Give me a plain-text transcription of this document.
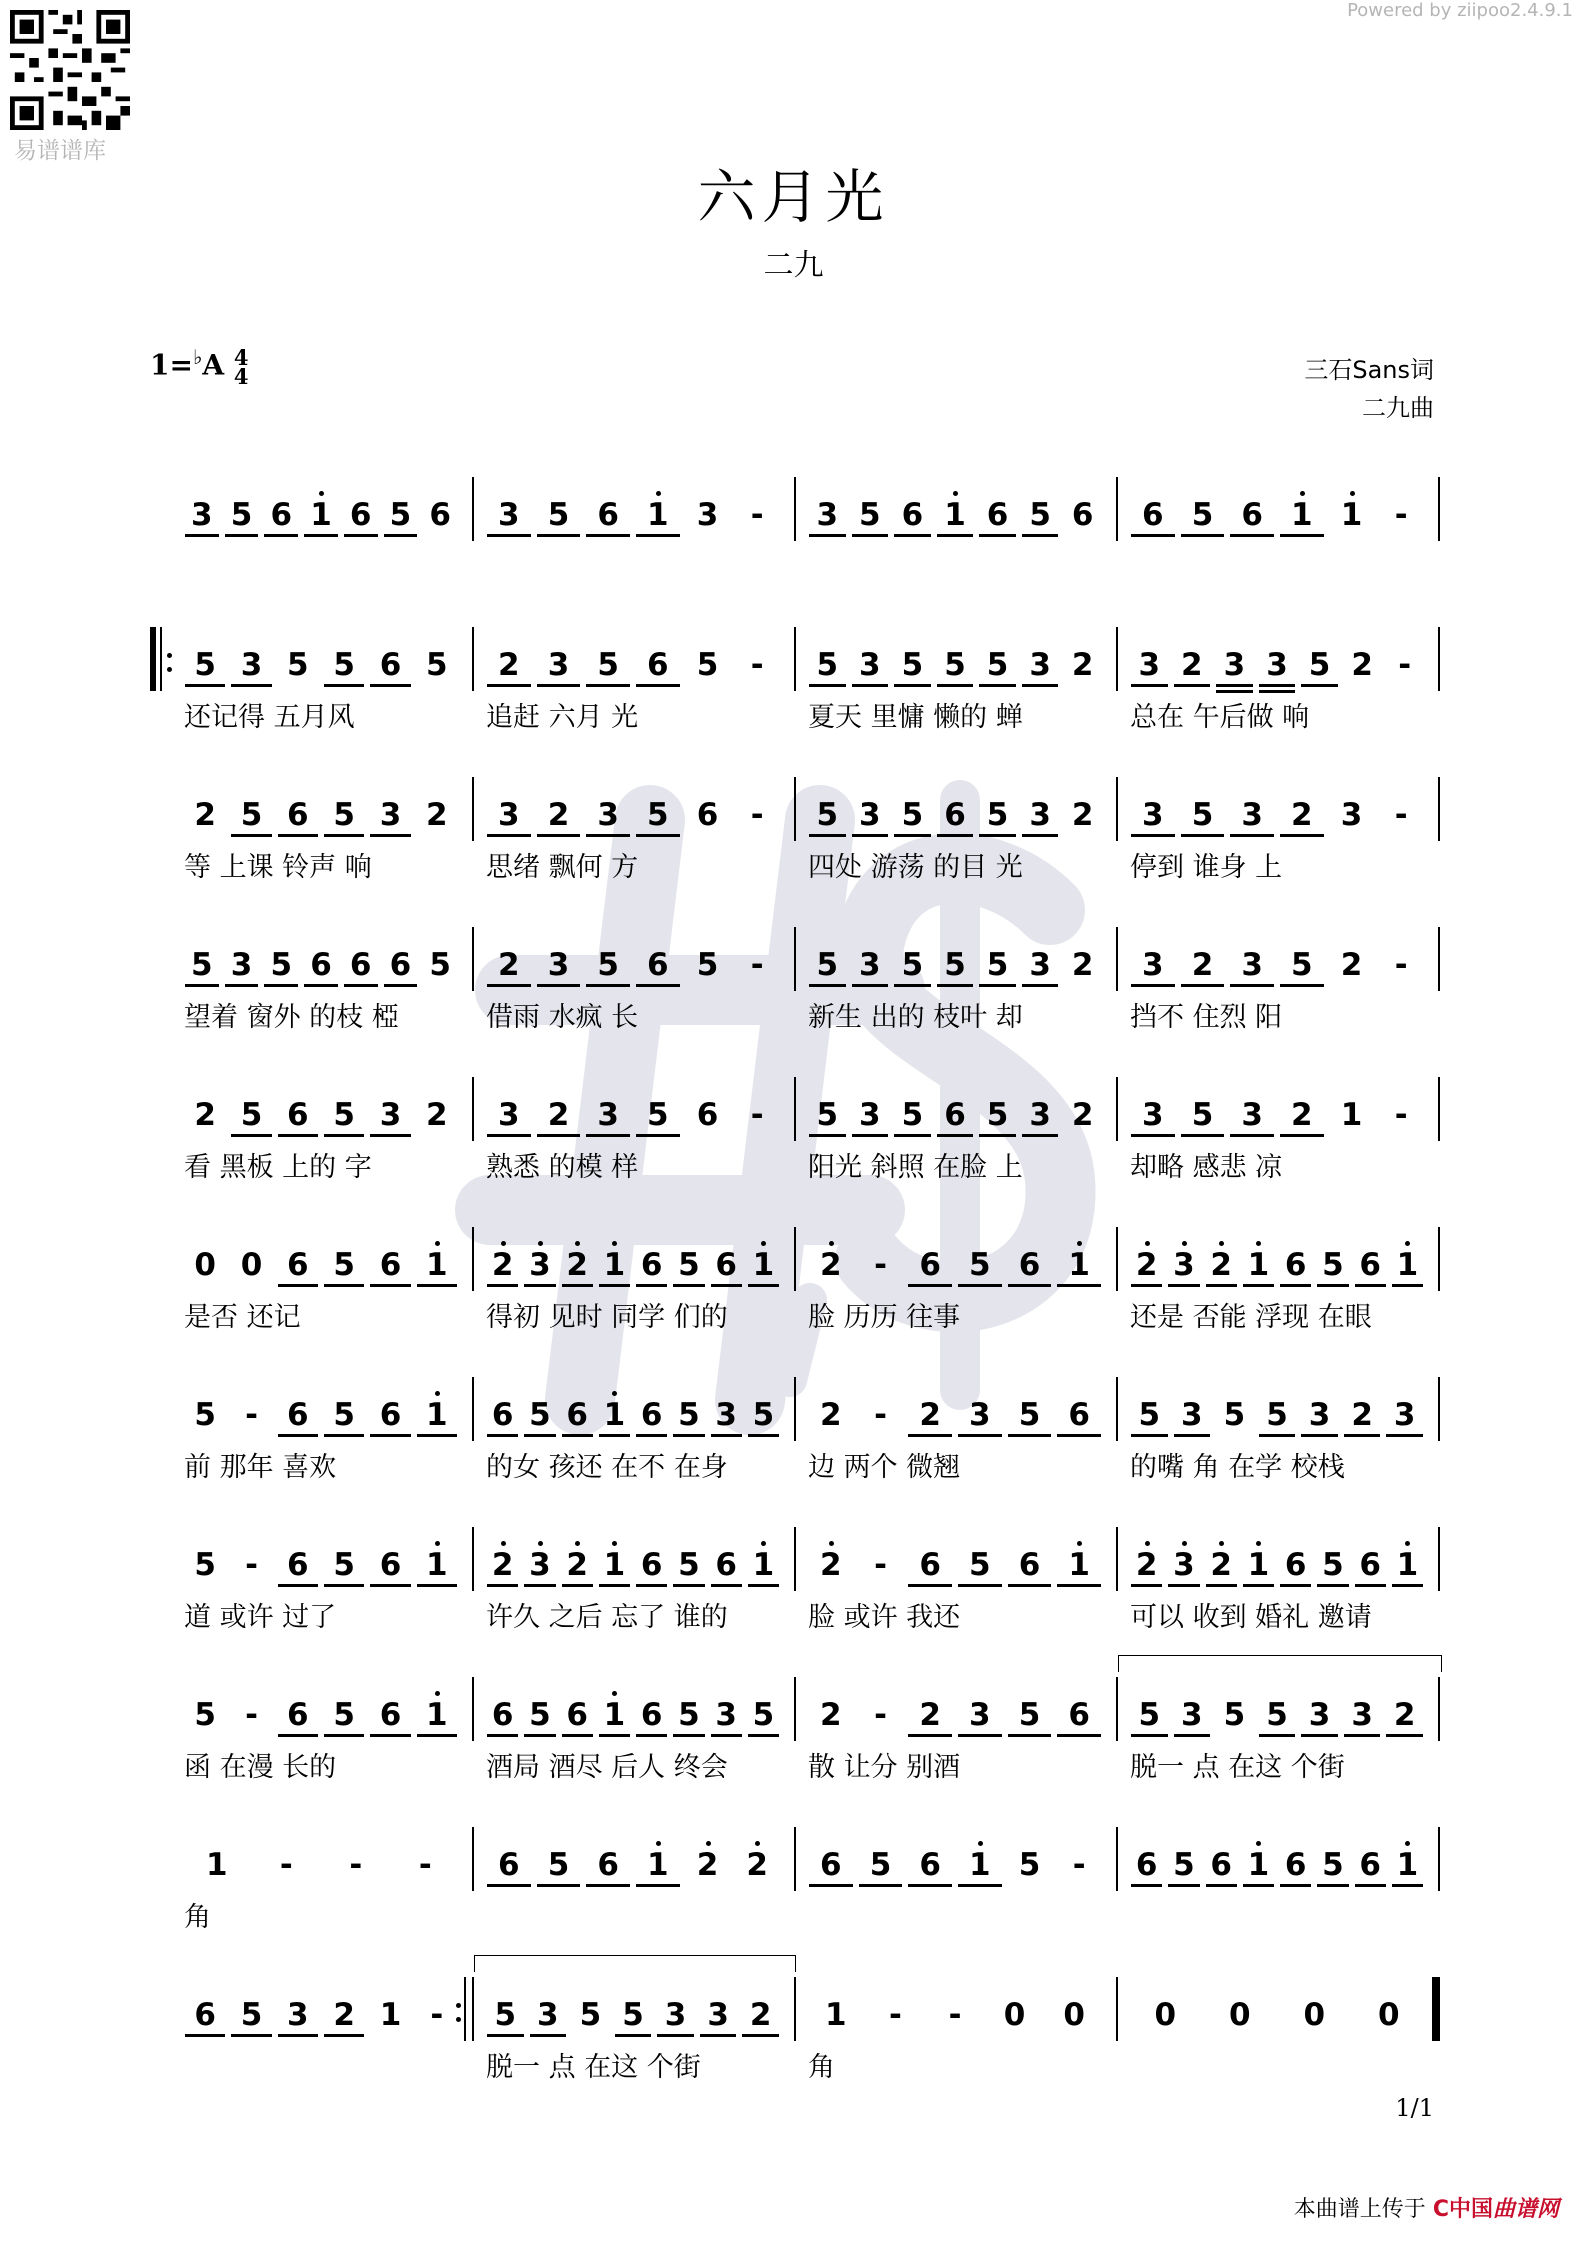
易谱谱库
Powered by ziipoo2.4.9.1
六月光
二九
1=♭A 4
4	三石Sans词
二九曲
3 5 6 1 6 5 6 3 5 6 1 3 - 3 5 6 1 6 5 6 6 5 6 1 1 -
5 3 5 5 6 5
还记得 五月风
2 3 5 6 5 -
追赶 六月 光
5 3 5 5 5 3 2
夏天 里慵 懒的 蝉
3 2 3 3 5 2 -
总在 午后做 响
2 5 6 5 3 2
等 上课 铃声 响
3 2 3 5 6 -
思绪 飘何 方
5 3 5 6 5 3 2
四处 游荡 的目 光
3 5 3 2 3 -
停到 谁身 上
5 3 5 6 6 6 5
望着 窗外 的枝 椏
2 3 5 6 5 -
借雨 水疯 长
5 3 5 5 5 3 2
新生 出的 枝叶 却
3 2 3 5 2 -
挡不 住烈 阳
2 5 6 5 3 2
看 黑板 上的 字
3 2 3 5 6 -
熟悉 的模 样
5 3 5 6 5 3 2
阳光 斜照 在脸 上
3 5 3 2 1 -
却略 感悲 凉
0 0 6 5 6 1
是否 还记
2 3 2 1 6 5 6 1
得初 见时 同学 们的
2 - 6 5 6 1
脸 历历 往事
2 3 2 1 6 5 6 1
还是 否能 浮现 在眼
5 - 6 5 6 1
前 那年 喜欢
6 5 6 1 6 5 3 5
的女 孩还 在不 在身
2 - 2 3 5 6
边 两个 微翘
5 3 5 5 3 2 3
的嘴 角 在学 校栈
5 - 6 5 6 1
道 或许 过了
2 3 2 1 6 5 6 1
许久 之后 忘了 谁的
2 - 6 5 6 1
脸 或许 我还
2 3 2 1 6 5 6 1
可以 收到 婚礼 邀请
5 - 6 5 6 1
函 在漫 长的
6 5 6 1 6 5 3 5
酒局 酒尽 后人 终会
2 - 2 3 5 6
散 让分 别酒
5 3 5 5 3 3 2
脱一 点 在这 个街
1 - - -
角
6 5 6 1 2 2 6 5 6 1 5 - 6 5 6 1 6 5 6 1
6 5 3 2 1 - 5 3 5 5 3 3 2
脱一 点 在这 个街
1 - - 0 0
角
0 0 0 0
1/1
本曲谱上传于 C中国曲谱网
